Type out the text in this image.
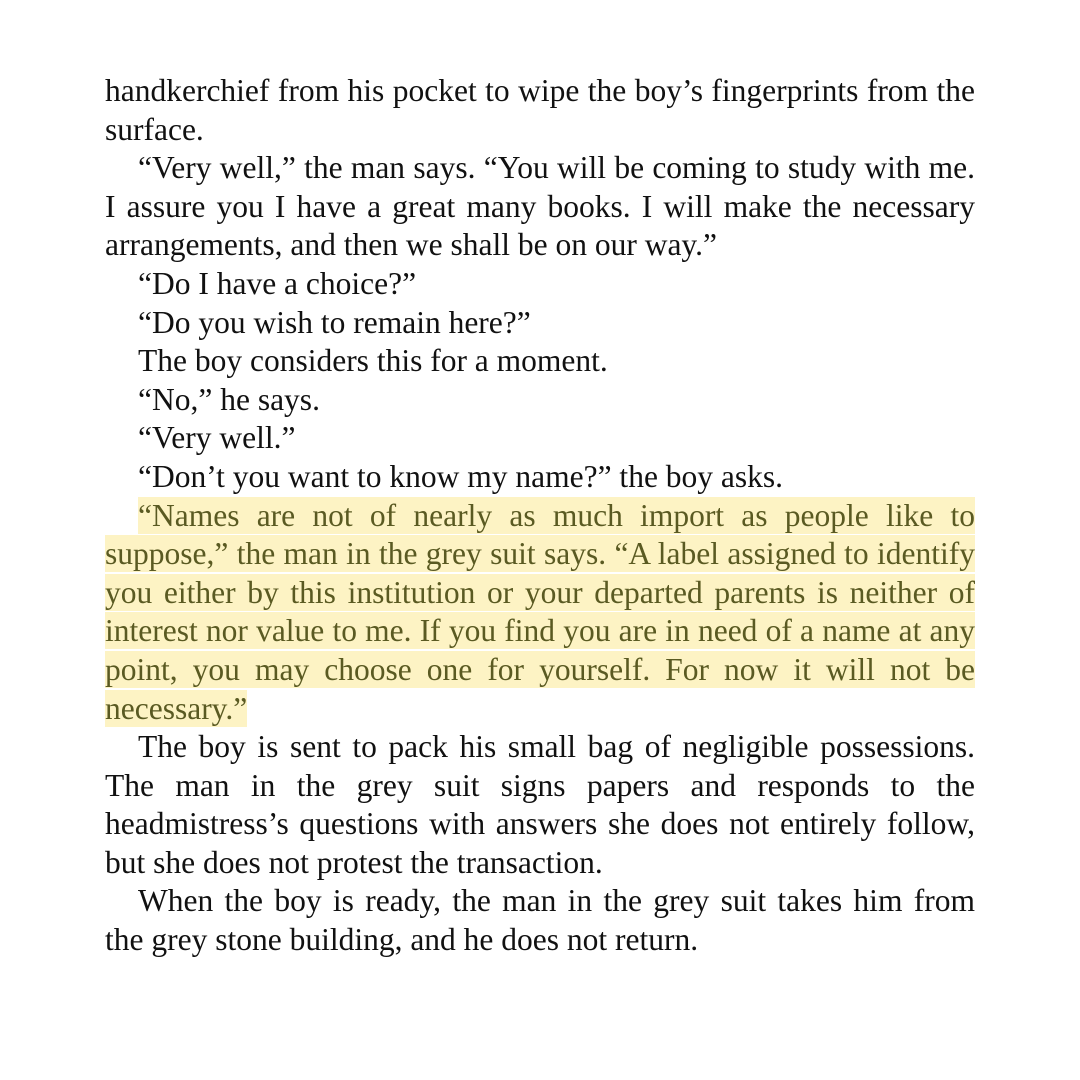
handkerchief from his pocket to wipe the boy’s fingerprints from the surface.

“Very well,” the man says. “You will be coming to study with me. I assure you I have a great many books. I will make the necessary arrangements, and then we shall be on our way.”

“Do I have a choice?”

“Do you wish to remain here?”

The boy considers this for a moment.

“No,” he says.

“Very well.”

“Don’t you want to know my name?” the boy asks.

“Names are not of nearly as much import as people like to suppose,” the man in the grey suit says. “A label assigned to identify you either by this institution or your departed parents is neither of interest nor value to me. If you find you are in need of a name at any point, you may choose one for yourself. For now it will not be necessary.”

The boy is sent to pack his small bag of negligible possessions. The man in the grey suit signs papers and responds to the headmistress’s questions with answers she does not entirely follow, but she does not protest the transaction.

When the boy is ready, the man in the grey suit takes him from the grey stone building, and he does not return.
